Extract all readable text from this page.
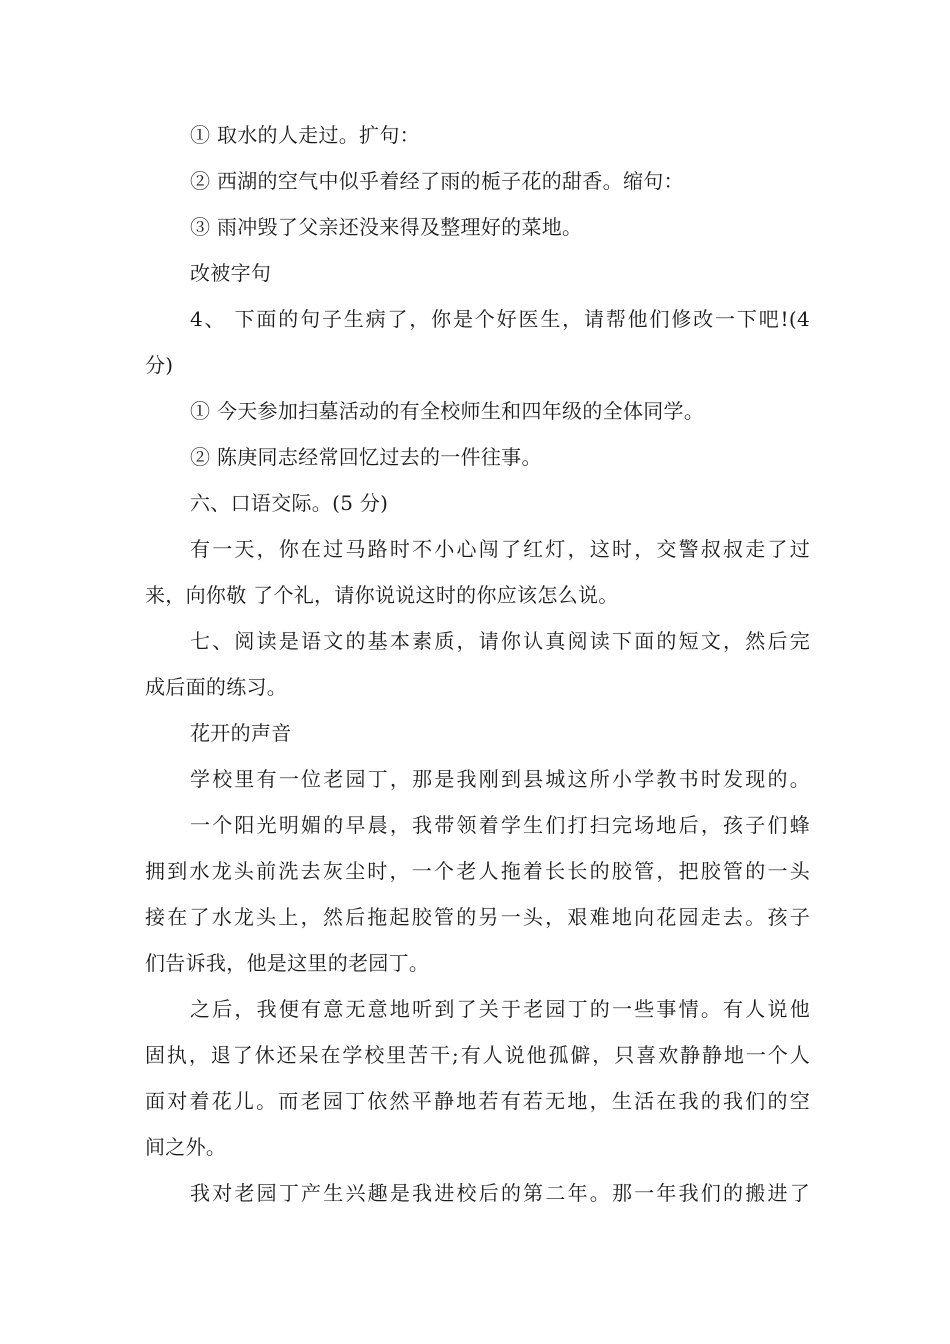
① 取水的人走过。扩句：
② 西湖的空气中似乎着经了雨的栀子花的甜香。缩句：
③ 雨冲毁了父亲还没来得及整理好的菜地。
改被字句
4、 下面的句子生病了，你是个好医生，请帮他们修改一下吧!(4
分)
① 今天参加扫墓活动的有全校师生和四年级的全体同学。
② 陈庚同志经常回忆过去的一件往事。
六、口语交际。(5 分)
有一天，你在过马路时不小心闯了红灯，这时，交警叔叔走了过
来，向你敬 了个礼，请你说说这时的你应该怎么说。
七、阅读是语文的基本素质，请你认真阅读下面的短文，然后完
成后面的练习。
花开的声音
学校里有一位老园丁，那是我刚到县城这所小学教书时发现的。
一个阳光明媚的早晨，我带领着学生们打扫完场地后，孩子们蜂
拥到水龙头前洗去灰尘时，一个老人拖着长长的胶管，把胶管的一头
接在了水龙头上，然后拖起胶管的另一头，艰难地向花园走去。孩子
们告诉我，他是这里的老园丁。
之后，我便有意无意地听到了关于老园丁的一些事情。有人说他
固执，退了休还呆在学校里苦干;有人说他孤僻，只喜欢静静地一个人
面对着花儿。而老园丁依然平静地若有若无地，生活在我的我们的空
间之外。
我对老园丁产生兴趣是我进校后的第二年。那一年我们的搬进了
